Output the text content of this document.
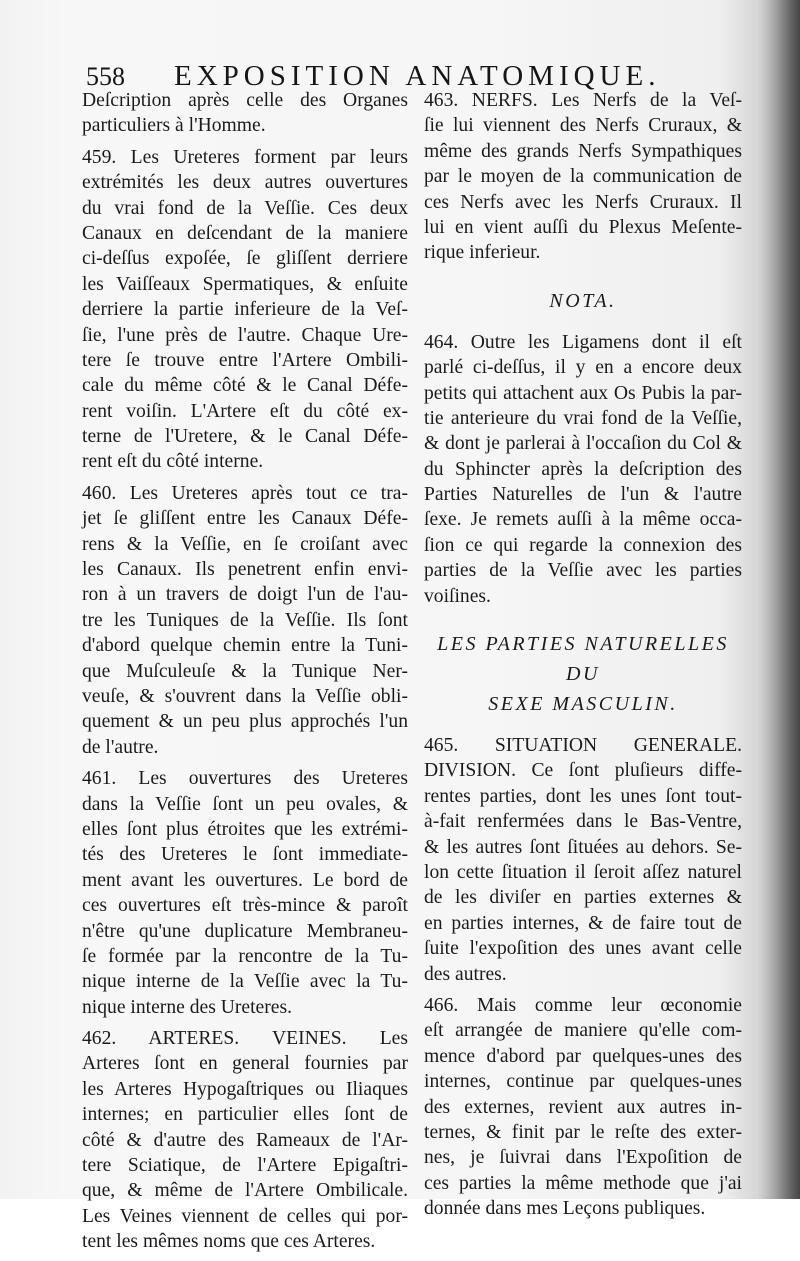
558 EXPOSITION ANATOMIQUE.
Deſcription après celle des Organes
particuliers à l'Homme.
459. Les Ureteres forment par leurs
extrémités les deux autres ouvertures
du vrai fond de la Veſſie. Ces deux
Canaux en deſcendant de la maniere
ci-deſſus expoſée, ſe gliſſent derriere
les Vaiſſeaux Spermatiques, & enſuite
derriere la partie inferieure de la Veſ-
ſie, l'une près de l'autre. Chaque Ure-
tere ſe trouve entre l'Artere Ombili-
cale du même côté & le Canal Défe-
rent voiſin. L'Artere eſt du côté ex-
terne de l'Uretere, & le Canal Défe-
rent eſt du côté interne.
460. Les Ureteres après tout ce tra-
jet ſe gliſſent entre les Canaux Défe-
rens & la Veſſie, en ſe croiſant avec
les Canaux. Ils penetrent enfin envi-
ron à un travers de doigt l'un de l'au-
tre les Tuniques de la Veſſie. Ils ſont
d'abord quelque chemin entre la Tuni-
que Muſculeuſe & la Tunique Ner-
veuſe, & s'ouvrent dans la Veſſie obli-
quement & un peu plus approchés l'un
de l'autre.
461. Les ouvertures des Ureteres
dans la Veſſie ſont un peu ovales, &
elles ſont plus étroites que les extrémi-
tés des Ureteres le ſont immediate-
ment avant les ouvertures. Le bord de
ces ouvertures eſt très-mince & paroît
n'être qu'une duplicature Membraneu-
ſe formée par la rencontre de la Tu-
nique interne de la Veſſie avec la Tu-
nique interne des Ureteres.
462. ARTERES. VEINES. Les
Arteres ſont en general fournies par
les Arteres Hypogaſtriques ou Iliaques
internes; en particulier elles ſont de
côté & d'autre des Rameaux de l'Ar-
tere Sciatique, de l'Artere Epigaſtri-
que, & même de l'Artere Ombilicale.
Les Veines viennent de celles qui por-
tent les mêmes noms que ces Arteres.
463. NERFS. Les Nerfs de la Veſ-
ſie lui viennent des Nerfs Cruraux, &
même des grands Nerfs Sympathiques
par le moyen de la communication de
ces Nerfs avec les Nerfs Cruraux. Il
lui en vient auſſi du Plexus Meſente-
rique inferieur.
NOTA.
464. Outre les Ligamens dont il eſt
parlé ci-deſſus, il y en a encore deux
petits qui attachent aux Os Pubis la par-
tie anterieure du vrai fond de la Veſſie,
& dont je parlerai à l'occaſion du Col &
du Sphincter après la deſcription des
Parties Naturelles de l'un & l'autre
ſexe. Je remets auſſi à la même occa-
ſion ce qui regarde la connexion des
parties de la Veſſie avec les parties
voiſines.
LES PARTIES NATURELLES
DU
SEXE MASCULIN.
465. SITUATION GENERALE.
DIVISION. Ce ſont pluſieurs diffe-
rentes parties, dont les unes ſont tout-
à-fait renfermées dans le Bas-Ventre,
& les autres ſont ſituées au dehors. Se-
lon cette ſituation il ſeroit aſſez naturel
de les diviſer en parties externes &
en parties internes, & de faire tout de
ſuite l'expoſition des unes avant celle
des autres.
466. Mais comme leur œconomie
eſt arrangée de maniere qu'elle com-
mence d'abord par quelques-unes des
internes, continue par quelques-unes
des externes, revient aux autres in-
ternes, & finit par le reſte des exter-
nes, je ſuivrai dans l'Expoſition de
ces parties la même methode que j'ai
donnée dans mes Leçons publiques.
